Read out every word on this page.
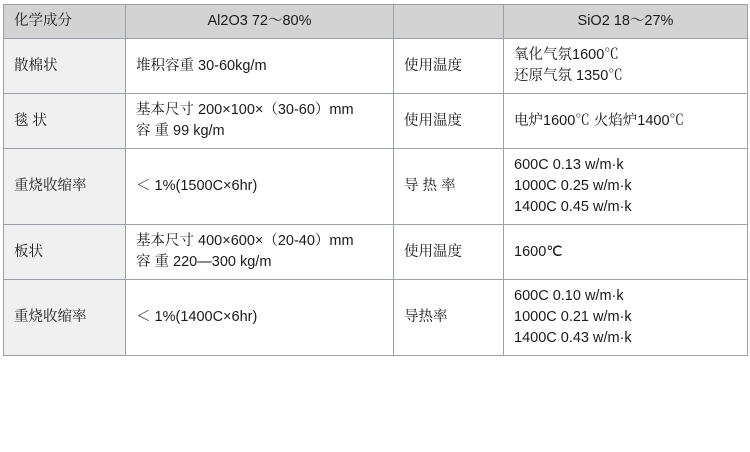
化学成分	Al2O3 72～80%		SiO2 18～27%
散棉状	堆积容重 30-60kg/m	使用温度	氧化气氛1600℃
还原气氛 1350℃

毯 状	基本尺寸 200×100×（30-60）mm
容 重 99 kg/m	使用温度	电炉1600℃ 火焰炉1400℃

重烧收缩率	＜ 1%(1500C×6hr)	导 热 率	600C 0.13 w/m·k
1000C 0.25 w/m·k
1400C 0.45 w/m·k

板状	基本尺寸 400×600×（20-40）mm
容 重 220—300 kg/m	使用温度	1600℃

重烧收缩率	＜ 1%(1400C×6hr)	导热率	600C 0.10 w/m·k
1000C 0.21 w/m·k
1400C 0.43 w/m·k
